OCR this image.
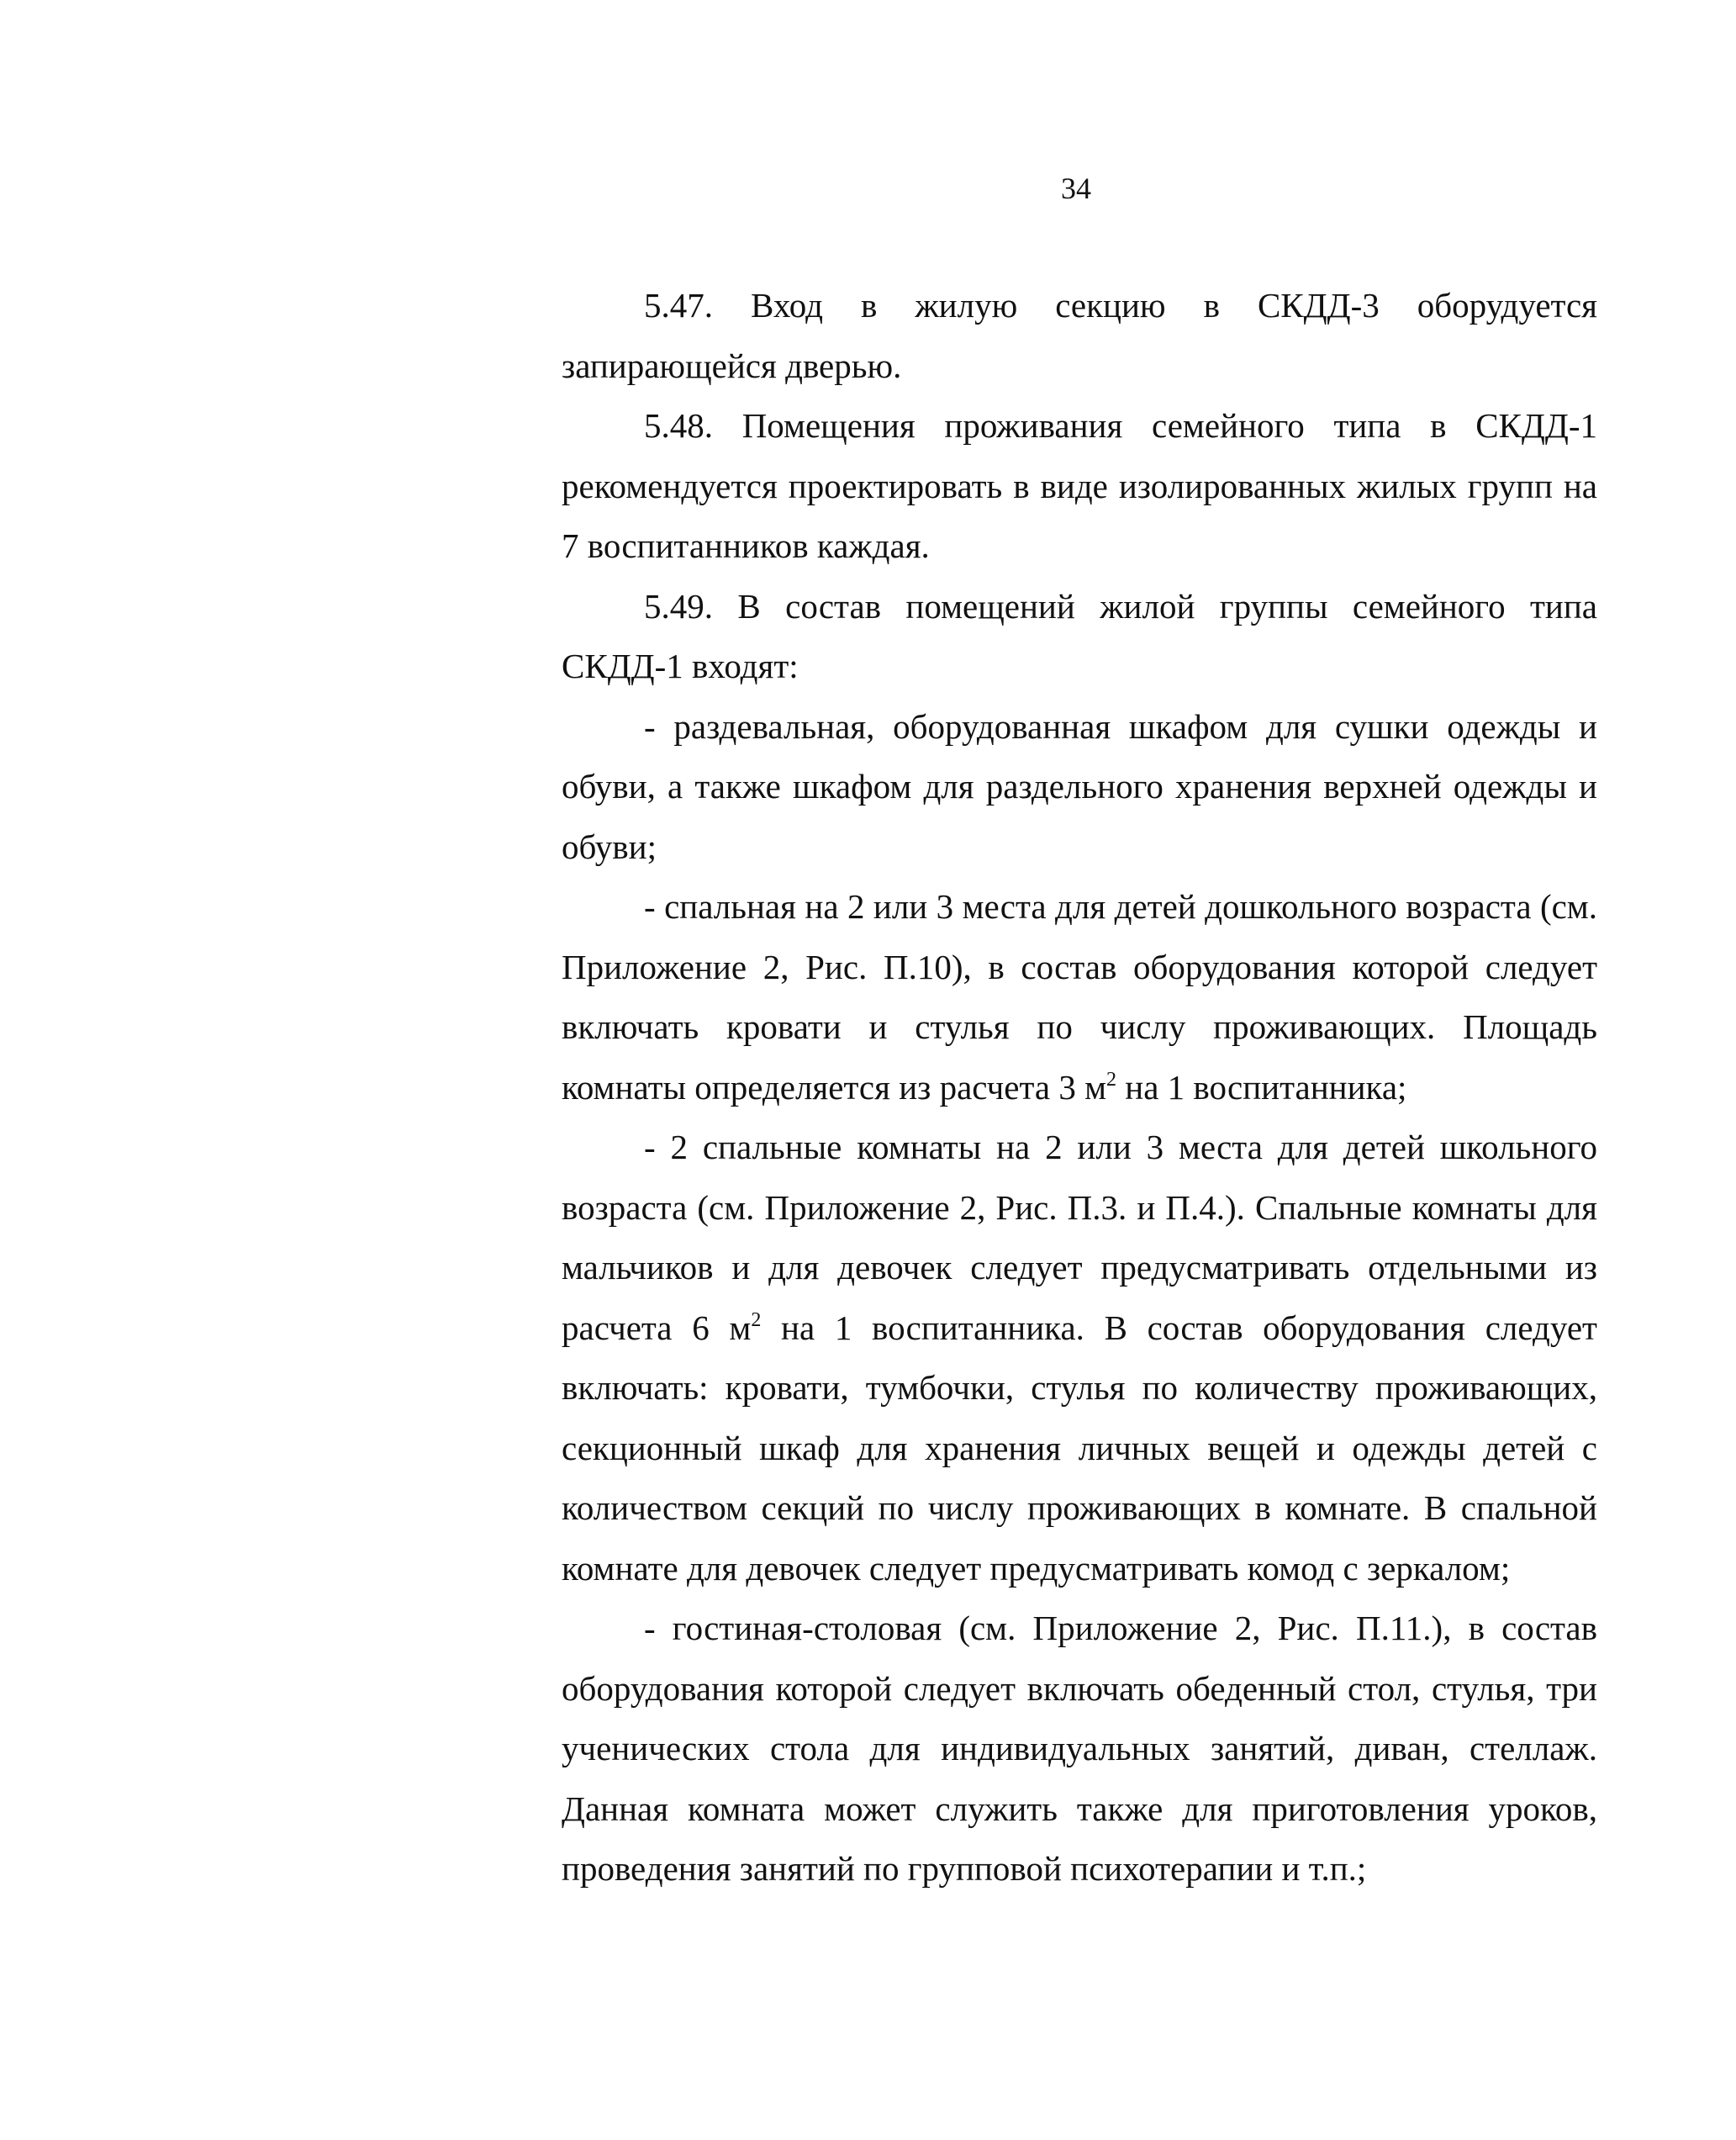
34

5.47. Вход в жилую секцию в СКДД-3 оборудуется запирающейся дверью.

5.48. Помещения проживания семейного типа в СКДД-1 рекомендуется проектировать в виде изолированных жилых групп на 7 воспитанников каждая.

5.49. В состав помещений жилой группы семейного типа СКДД-1 входят:

- раздевальная, оборудованная шкафом для сушки одежды и обуви, а также шкафом для раздельного хранения верхней одежды и обуви;

- спальная на 2 или 3 места для детей дошкольного возраста (см. Приложение 2, Рис. П.10), в состав оборудования которой следует включать кровати и стулья по числу проживающих. Площадь комнаты определяется из расчета 3 $м^2$ на 1 воспитанника;

- 2 спальные комнаты на 2 или 3 места для детей школьного возраста (см. Приложение 2, Рис. П.3. и П.4.). Спальные комнаты для мальчиков и для девочек следует предусматривать отдельными из расчета 6 $м^2$ на 1 воспитанника. В состав оборудования следует включать: кровати, тумбочки, стулья по количеству проживающих, секционный шкаф для хранения личных вещей и одежды детей с количеством секций по числу проживающих в комнате. В спальной комнате для девочек следует предусматривать комод с зеркалом;

- гостиная-столовая (см. Приложение 2, Рис. П.11.), в состав оборудования которой следует включать обеденный стол, стулья, три ученических стола для индивидуальных занятий, диван, стеллаж. Данная комната может служить также для приготовления уроков, проведения занятий по групповой психотерапии и т.п.;
